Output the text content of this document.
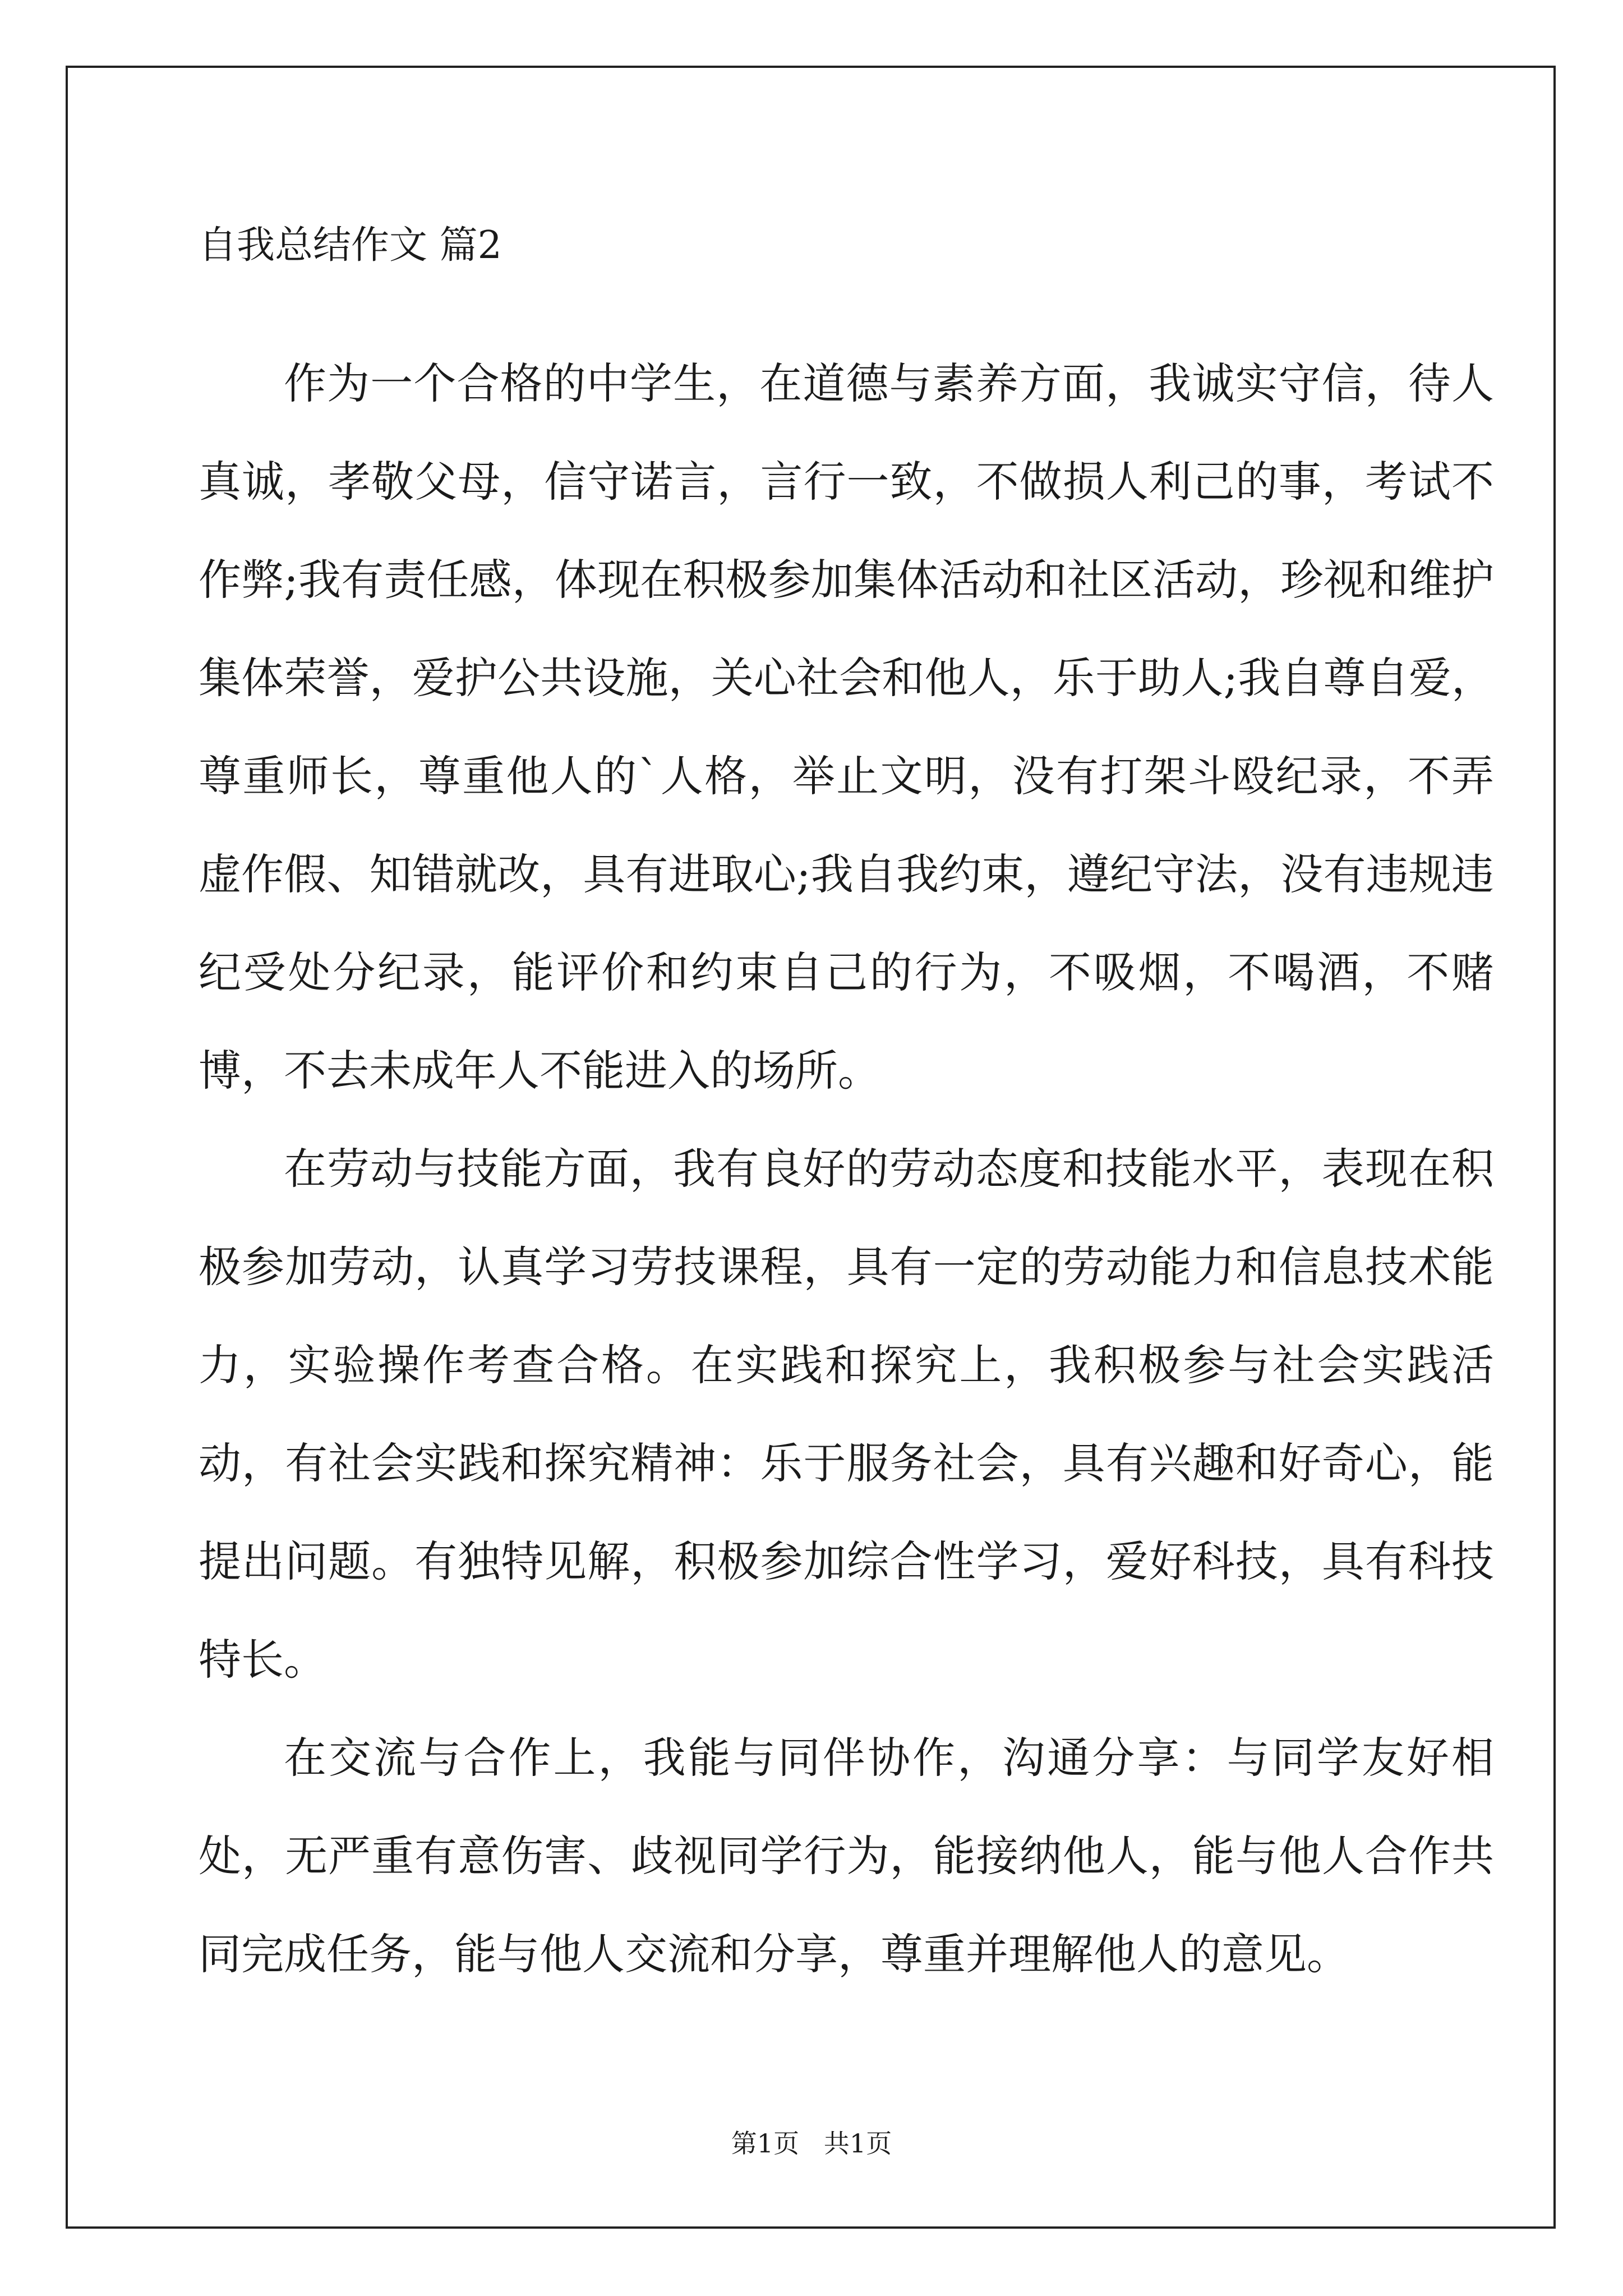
自我总结作文 篇2

作为一个合格的中学生，在道德与素养方面，我诚实守信，待人真诚，孝敬父母，信守诺言，言行一致，不做损人利己的事，考试不作弊;我有责任感，体现在积极参加集体活动和社区活动，珍视和维护集体荣誉，爱护公共设施，关心社会和他人，乐于助人;我自尊自爱，尊重师长，尊重他人的`人格，举止文明，没有打架斗殴纪录，不弄虚作假、知错就改，具有进取心;我自我约束，遵纪守法，没有违规违纪受处分纪录，能评价和约束自己的行为，不吸烟，不喝酒，不赌博，不去未成年人不能进入的场所。

在劳动与技能方面，我有良好的劳动态度和技能水平，表现在积极参加劳动，认真学习劳技课程，具有一定的劳动能力和信息技术能力，实验操作考查合格。在实践和探究上，我积极参与社会实践活动，有社会实践和探究精神：乐于服务社会，具有兴趣和好奇心，能提出问题。有独特见解，积极参加综合性学习，爱好科技，具有科技特长。

在交流与合作上，我能与同伴协作，沟通分享：与同学友好相处，无严重有意伤害、歧视同学行为，能接纳他人，能与他人合作共同完成任务，能与他人交流和分享，尊重并理解他人的意见。

第1页   共1页
